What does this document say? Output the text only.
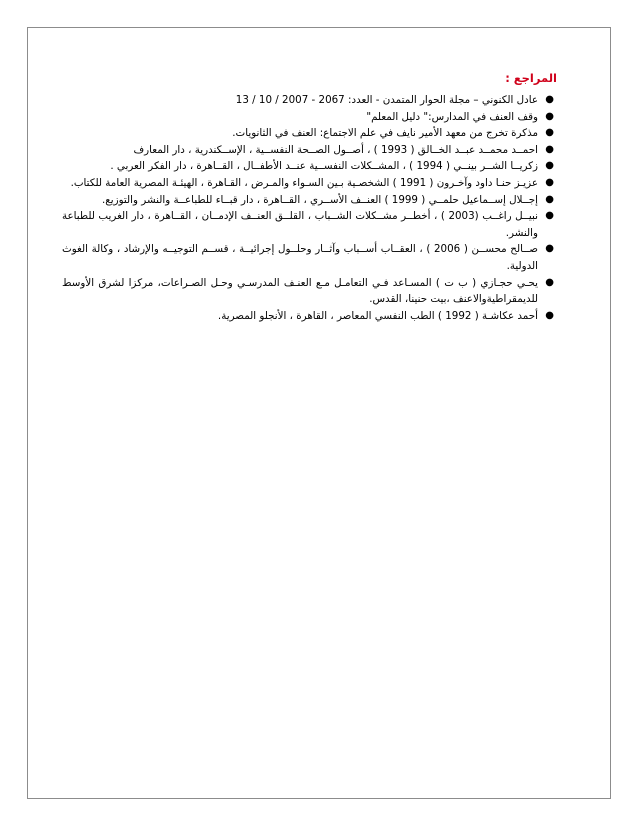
المراجع :
●
عادل الكنوني – مجلة الحوار المتمدن - العدد: 2067 - 2007 / 10 / 13
●
وقف العنف في المدارس:" دليل المعلم"
●
مذكرة تخرج من معهد الأمير نايف في علم الاجتماع: العنف في الثانويات.
●
احمــد محمــد عبــد الخــالق ( 1993 ) ، أصــول الصــحة النفســية ، الإســكندرية ، دار المعارف
●
زكريــا الشــر بينــي ( 1994 ) ، المشــكلات النفســية عنــد الأطفــال ، القــاهرة ، دار الفكر العربي .
●
عزيـز حنـا داود وآخـرون ( 1991 ) الشخصـية بـين السـواء والمـرض ، القـاهرة ، الهيئـة المصرية العامة للكتاب.
●
إجــلال إســماعيل حلمــي ( 1999 ) العنــف الأســري ، القــاهرة ، دار قبــاء للطباعــة والنشر والتوزيع.
●
نبيــل راغــب (2003 ) ، أخطــر مشــكلات الشــباب ، القلــق العنــف الإدمــان ، القــاهرة ، دار الغريب للطباعة والنشر.
●
صــالح محســن ( 2006 ) ، العقــاب أســباب وآثــار وحلــول إجرائيــة ، قســم التوجيــه والإرشاد ، وكالة الغوث الدولية.
●
يحـي حجـازي ( ب ت ) المسـاعد فـي التعامـل مـع العنـف المدرسـي وحـل الصـراعات، مركزا لشرق الأوسط للديمقراطيةوالاعنف ،بيت حنينا، القدس.
●
أحمد عكاشـة ( 1992 ) الطب النفسي المعاصر ، القاهرة ، الأنجلو المصرية.
